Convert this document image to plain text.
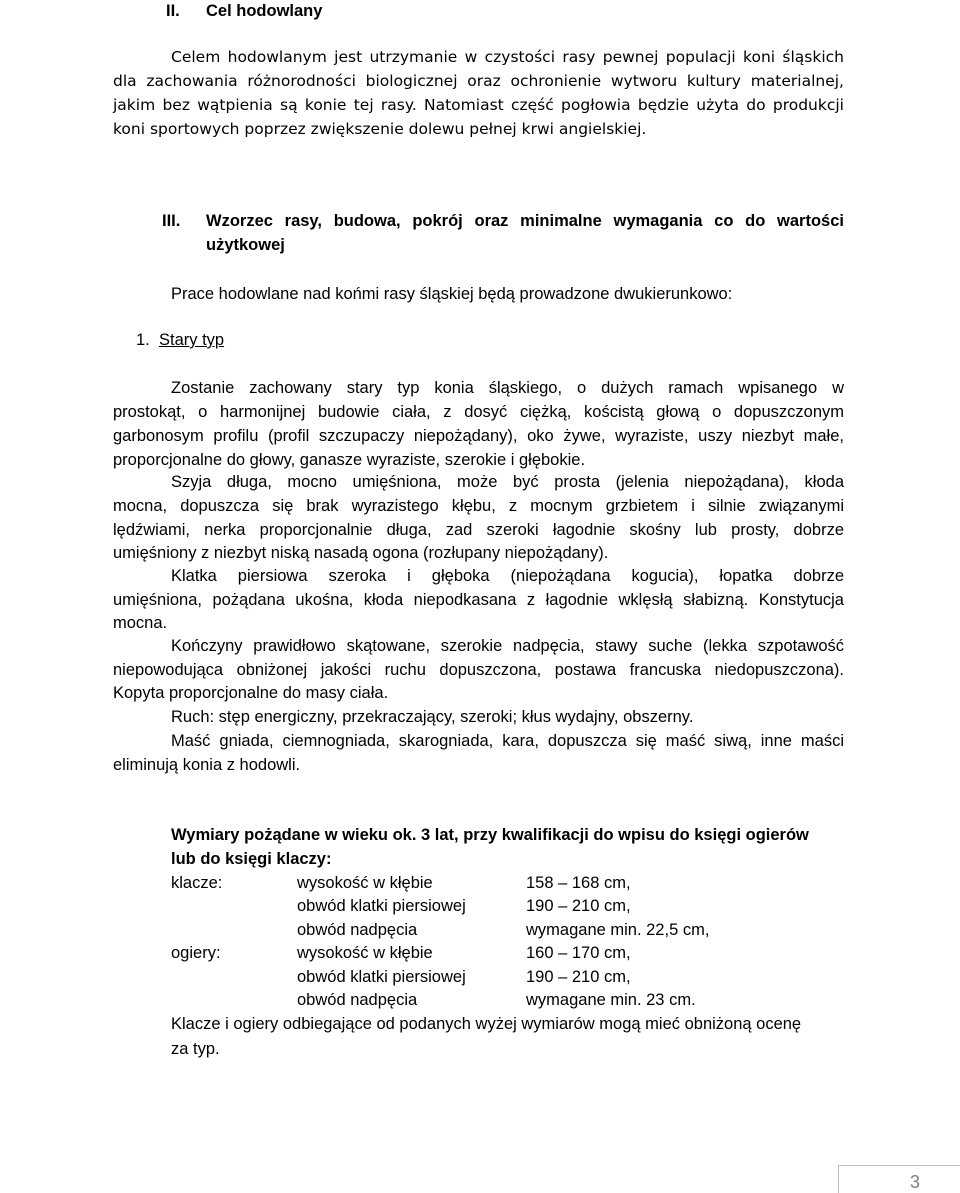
II. Cel hodowlany
Celem hodowlanym jest utrzymanie w czystości rasy pewnej populacji koni śląskich
dla zachowania różnorodności biologicznej oraz ochronienie wytworu kultury materialnej,
jakim bez wątpienia są konie tej rasy. Natomiast część pogłowia będzie użyta do produkcji
koni sportowych poprzez zwiększenie dolewu pełnej krwi angielskiej.
III. Wzorzec rasy, budowa, pokrój oraz minimalne wymagania co do wartości
użytkowej
Prace hodowlane nad końmi rasy śląskiej będą prowadzone dwukierunkowo:
1. Stary typ
Zostanie zachowany stary typ konia śląskiego, o dużych ramach wpisanego w
prostokąt, o harmonijnej budowie ciała, z dosyć ciężką, kościstą głową o dopuszczonym
garbonosym profilu (profil szczupaczy niepożądany), oko żywe, wyraziste, uszy niezbyt małe,
proporcjonalne do głowy, ganasze wyraziste, szerokie i głębokie.
Szyja długa, mocno umięśniona, może być prosta (jelenia niepożądana), kłoda
mocna, dopuszcza się brak wyrazistego kłębu, z mocnym grzbietem i silnie związanymi
lędźwiami, nerka proporcjonalnie długa, zad szeroki łagodnie skośny lub prosty, dobrze
umięśniony z niezbyt niską nasadą ogona (rozłupany niepożądany).
Klatka piersiowa szeroka i głęboka (niepożądana kogucia), łopatka dobrze
umięśniona, pożądana ukośna, kłoda niepodkasana z łagodnie wklęsłą słabizną. Konstytucja
mocna.
Kończyny prawidłowo skątowane, szerokie nadpęcia, stawy suche (lekka szpotawość
niepowodująca obniżonej jakości ruchu dopuszczona, postawa francuska niedopuszczona).
Kopyta proporcjonalne do masy ciała.
Ruch: stęp energiczny, przekraczający, szeroki; kłus wydajny, obszerny.
Maść gniada, ciemnogniada, skarogniada, kara, dopuszcza się maść siwą, inne maści
eliminują konia z hodowli.
Wymiary pożądane w wieku ok. 3 lat, przy kwalifikacji do wpisu do księgi ogierów
lub do księgi klaczy:
klacze:	wysokość w kłębie	158 – 168 cm,
obwód klatki piersiowej	190 – 210 cm,
obwód nadpęcia	wymagane min. 22,5 cm,
ogiery:	wysokość w kłębie	160 – 170 cm,
obwód klatki piersiowej	190 – 210 cm,
obwód nadpęcia	wymagane min. 23 cm.
Klacze i ogiery odbiegające od podanych wyżej wymiarów mogą mieć obniżoną ocenę
za typ.
3
